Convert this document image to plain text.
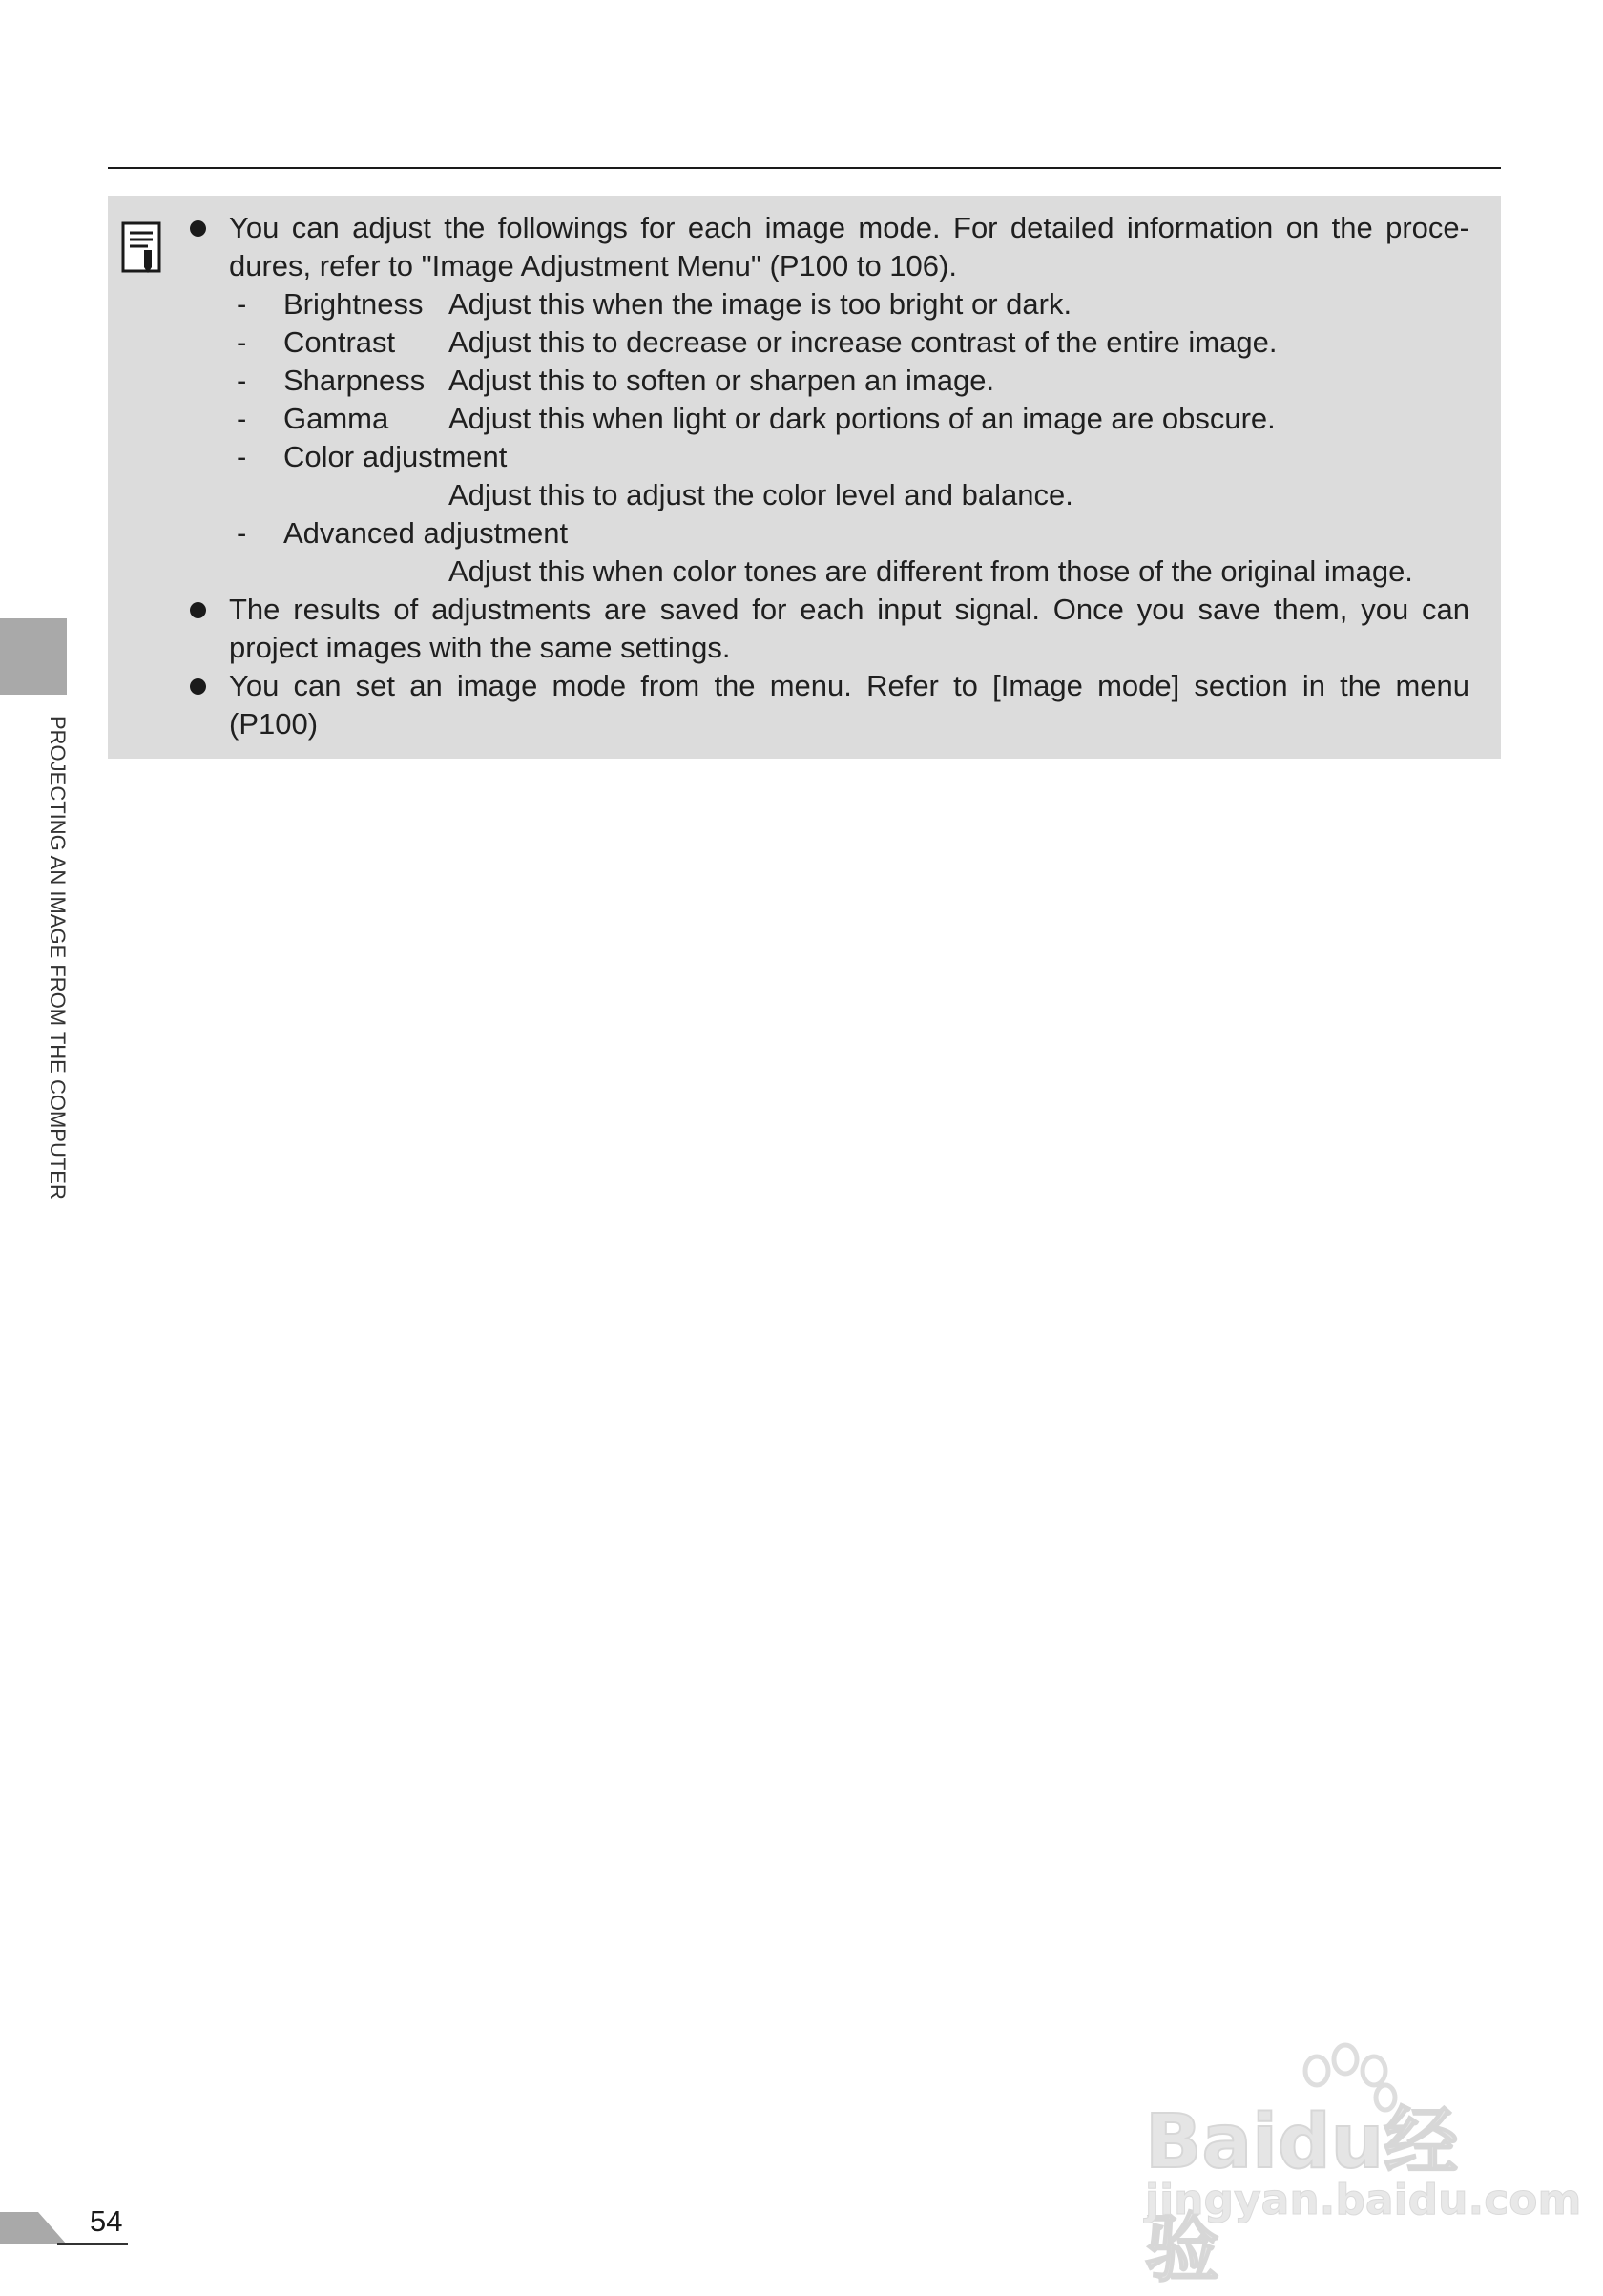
You can adjust the followings for each image mode. For detailed information on the proce-
dures, refer to "Image Adjustment Menu" (P100 to 106).
- Brightness Adjust this when the image is too bright or dark.
- Contrast Adjust this to decrease or increase contrast of the entire image.
- Sharpness Adjust this to soften or sharpen an image.
- Gamma Adjust this when light or dark portions of an image are obscure.
- Color adjustment
Adjust this to adjust the color level and balance.
- Advanced adjustment
Adjust this when color tones are different from those of the original image.
The results of adjustments are saved for each input signal. Once you save them, you can
project images with the same settings.
You can set an image mode from the menu. Refer to [Image mode] section in the menu
(P100)
PROJECTING AN IMAGE FROM THE COMPUTER
54
Baidu经验
jingyan.baidu.com
